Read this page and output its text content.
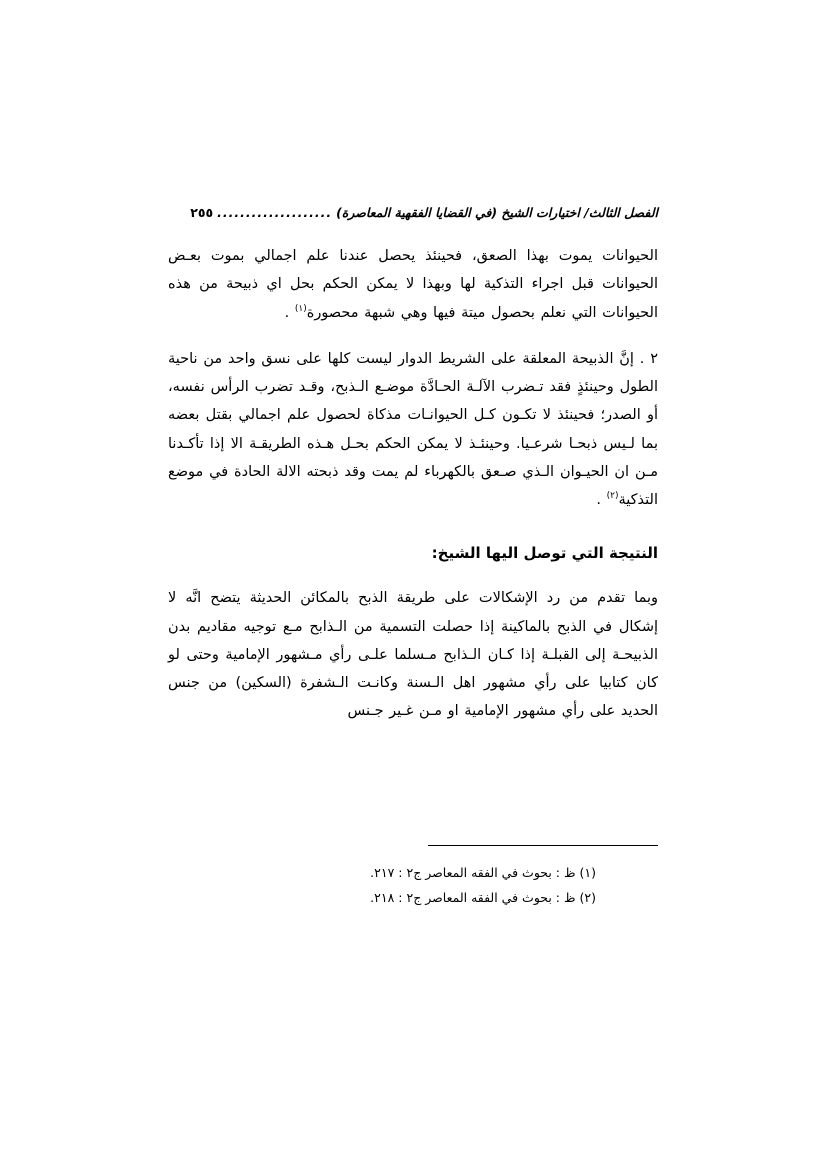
الفصل الثالث/ اختيارات الشيخ (في القضايا الفقهية المعاصرة)
....................
٢٥٥

الحيوانات يموت بهذا الصعق، فحينئذ يحصل عندنا علم اجمالي بموت بعـض الحيوانات قبل اجراء التذكية لها وبهذا لا يمكن الحكم بحل اي ذبيحة من هذه الحيوانات التي نعلم بحصول ميتة فيها وهي شبهة محصورة$^{(١)}$ .

٢ . إنَّ الذبيحة المعلقة على الشريط الدوار ليست كلها على نسق واحد من ناحية الطول وحينئذٍ فقد تـضرب الآلـة الحـادَّة موضـع الـذبح، وقـد تضرب الرأس نفسه، أو الصدر؛ فحينئذ لا تكـون كـل الحيوانـات مذكاة لحصول علم اجمالي بقتل بعضه بما لـيس ذبحـا شرعـيا. وحينئـذ لا يمكن الحكم بحـل هـذه الطريقـة الا إذا تأكـدنا مـن ان الحيـوان الـذي صـعق بالكهرباء لم يمت وقد ذبحته الالة الحادة في موضع التذكية$^{(٢)}$ .

النتيجة التي توصل اليها الشيخ:

وبما تقدم من رد الإشكالات على طريقة الذبح بالمكائن الحديثة يتضح انَّه لا إشكال في الذبح بالماكينة إذا حصلت التسمية من الـذابح مـع توجيه مقاديم بدن الذبيحـة إلى القبلـة إذا كـان الـذابح مـسلما علـى رأي مـشهور الإمامية وحتى لو كان كتابيا على رأي مشهور اهل الـسنة وكانـت الـشفرة (السكين) من جنس الحديد على رأي مشهور الإمامية او مـن غـير جـنس

(١) ظ : بحوث في الفقه المعاصر ج٢ : ٢١٧.
(٢) ظ : بحوث في الفقه المعاصر ج٢ : ٢١٨.
